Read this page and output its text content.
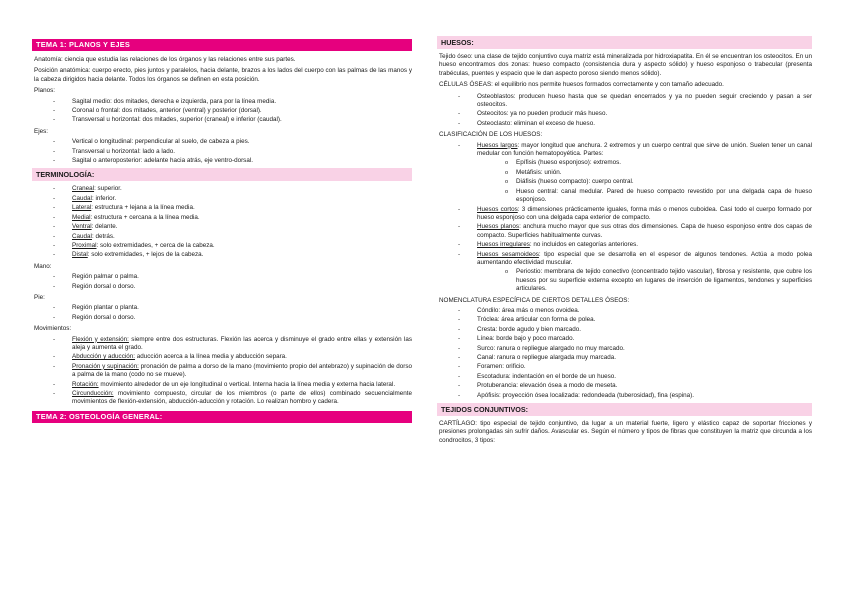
TEMA 1: PLANOS Y EJES

Anatomía: ciencia que estudia las relaciones de los órganos y las relaciones entre sus partes.

Posición anatómica: cuerpo erecto, pies juntos y paralelos, hacia delante, brazos a los lados del cuerpo con las palmas de las manos y la cabeza dirigidos hacia delante. Todos los órganos se definen en esta posición.

Planos:
- Sagital medio: dos mitades, derecha e izquierda, para por la línea media.
- Coronal o frontal: dos mitades, anterior (ventral) y posterior (dorsal).
- Transversal u horizontal: dos mitades, superior (craneal) e inferior (caudal).
Ejes:
- Vertical o longitudinal: perpendicular al suelo, de cabeza a pies.
- Transversal u horizontal: lado a lado.
- Sagital o anteroposterior: adelante hacia atrás, eje ventro-dorsal.
TERMINOLOGÍA:
- Craneal: superior.
- Caudal: inferior.
- Lateral: estructura + lejana a la línea media.
- Medial: estructura + cercana a la línea media.
- Ventral: delante.
- Caudal: detrás.
- Proximal: solo extremidades, + cerca de la cabeza.
- Distal: solo extremidades, + lejos de la cabeza.
Mano:
- Región palmar o palma.
- Región dorsal o dorso.
Pie:
- Región plantar o planta.
- Región dorsal o dorso.
Movimientos:
- Flexión y extensión: siempre entre dos estructuras. Flexión las acerca y disminuye el grado entre ellas y extensión las aleja y aumenta el grado.
- Abducción y aducción: aducción acerca a la línea media y abducción separa.
- Pronación y supinación: pronación de palma a dorso de la mano (movimiento propio del antebrazo) y supinación de dorso a palma de la mano (codo no se mueve).
- Rotación: movimiento alrededor de un eje longitudinal o vertical. Interna hacia la línea media y externa hacia lateral.
- Circunducción: movimiento compuesto, circular de los miembros (o parte de ellos) combinado secuencialmente movimientos de flexión-extensión, abducción-aducción y rotación. Lo realizan hombro y cadera.
TEMA 2: OSTEOLOGÍA GENERAL:
HUESOS:

Tejido óseo: una clase de tejido conjuntivo cuya matriz está mineralizada por hidroxiapatita. En él se encuentran los osteocitos. En un hueso encontramos dos zonas: hueso compacto (consistencia dura y aspecto sólido) y hueso esponjoso o trabecular (presenta trabéculas, puentes y espacio que le dan aspecto poroso siendo menos sólido).

CÉLULAS ÓSEAS: el equilibrio nos permite huesos formados correctamente y con tamaño adecuado.

- Osteoblastos: producen hueso hasta que se quedan encerrados y ya no pueden seguir creciendo y pasan a ser osteocitos.
- Osteocitos: ya no pueden producir más hueso.
- Osteoclasto: eliminan el exceso de hueso.
CLASIFICACIÓN DE LOS HUESOS:
- Huesos largos: mayor longitud que anchura. 2 extremos y un cuerpo central que sirve de unión. Suelen tener un canal medular con función hematopoyética. Partes:
o Epífisis (hueso esponjoso): extremos.
o Metáfisis: unión.
o Diáfisis (hueso compacto): cuerpo central.
o Hueso central: canal medular. Pared de hueso compacto revestido por una delgada capa de hueso esponjoso.
- Huesos cortos: 3 dimensiones prácticamente iguales, forma más o menos cuboidea. Casi todo el cuerpo formado por hueso esponjoso con una delgada capa exterior de compacto.
- Huesos planos: anchura mucho mayor que sus otras dos dimensiones. Capa de hueso esponjoso entre dos capas de compacto. Superficies habitualmente curvas.
- Huesos irregulares: no incluidos en categorías anteriores.
- Huesos sesamoideos: tipo especial que se desarrolla en el espesor de algunos tendones. Actúa a modo polea aumentando efectividad muscular.
o Periostio: membrana de tejido conectivo (concentrado tejido vascular), fibrosa y resistente, que cubre los huesos por su superficie externa excepto en lugares de inserción de ligamentos, tendones y superficies articulares.
NOMENCLATURA ESPECÍFICA DE CIERTOS DETALLES ÓSEOS:
- Cóndilo: área más o menos ovoidea.
- Tróclea: área articular con forma de polea.
- Cresta: borde agudo y bien marcado.
- Línea: borde bajo y poco marcado.
- Surco: ranura o repliegue alargado no muy marcado.
- Canal: ranura o repliegue alargada muy marcada.
- Foramen: orificio.
- Escotadura: indentación en el borde de un hueso.
- Protuberancia: elevación ósea a modo de meseta.
- Apófisis: proyección ósea localizada: redondeada (tuberosidad), fina (espina).
TEJIDOS CONJUNTIVOS:

CARTÍLAGO: tipo especial de tejido conjuntivo, da lugar a un material fuerte, ligero y elástico capaz de soportar fricciones y presiones prolongadas sin sufrir daños. Avascular es. Según el número y tipos de fibras que constituyen la matriz que circunda a los condrocitos, 3 tipos:
